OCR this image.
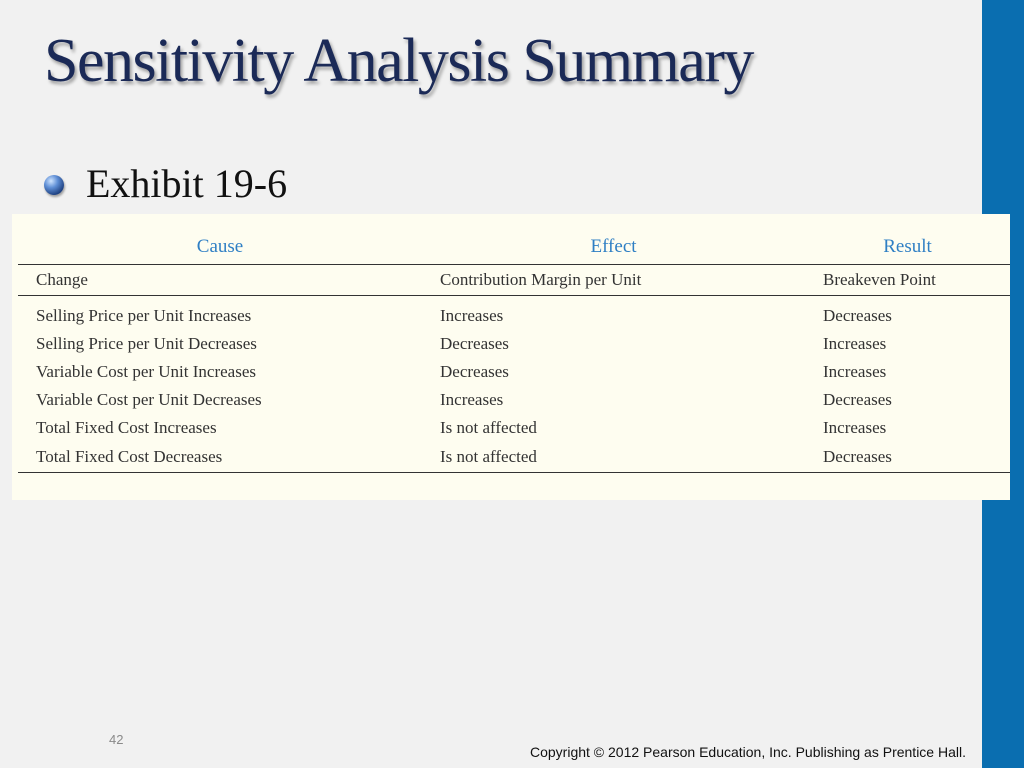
Sensitivity Analysis Summary
Exhibit 19-6
Cause	Effect	Result
Change	Contribution Margin per Unit	Breakeven Point
Selling Price per Unit Increases	Increases	Decreases
Selling Price per Unit Decreases	Decreases	Increases
Variable Cost per Unit Increases	Decreases	Increases
Variable Cost per Unit Decreases	Increases	Decreases
Total Fixed Cost Increases	Is not affected	Increases
Total Fixed Cost Decreases	Is not affected	Decreases
42
Copyright © 2012 Pearson Education, Inc. Publishing as Prentice Hall.
